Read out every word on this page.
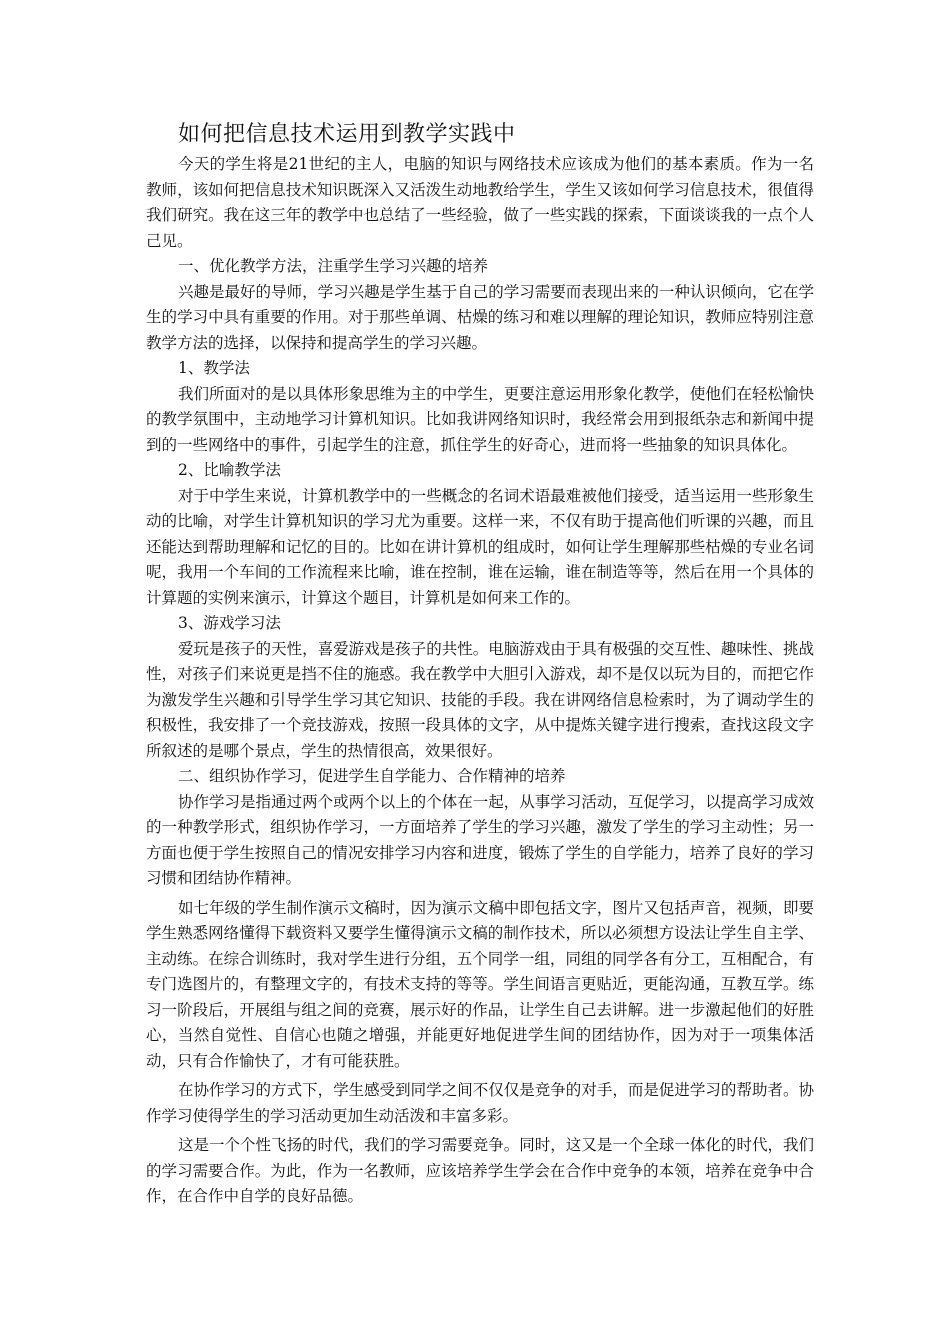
如何把信息技术运用到教学实践中

今天的学生将是21世纪的主人，电脑的知识与网络技术应该成为他们的基本素质。作为一名教师，该如何把信息技术知识既深入又活泼生动地教给学生，学生又该如何学习信息技术，很值得我们研究。我在这三年的教学中也总结了一些经验，做了一些实践的探索，下面谈谈我的一点个人己见。

一、优化教学方法，注重学生学习兴趣的培养

兴趣是最好的导师，学习兴趣是学生基于自己的学习需要而表现出来的一种认识倾向，它在学生的学习中具有重要的作用。对于那些单调、枯燥的练习和难以理解的理论知识，教师应特别注意教学方法的选择，以保持和提高学生的学习兴趣。

1、教学法

我们所面对的是以具体形象思维为主的中学生，更要注意运用形象化教学，使他们在轻松愉快的教学氛围中，主动地学习计算机知识。比如我讲网络知识时，我经常会用到报纸杂志和新闻中提到的一些网络中的事件，引起学生的注意，抓住学生的好奇心，进而将一些抽象的知识具体化。

2、比喻教学法

对于中学生来说，计算机教学中的一些概念的名词术语最难被他们接受，适当运用一些形象生动的比喻，对学生计算机知识的学习尤为重要。这样一来，不仅有助于提高他们听课的兴趣，而且还能达到帮助理解和记忆的目的。比如在讲计算机的组成时，如何让学生理解那些枯燥的专业名词呢，我用一个车间的工作流程来比喻，谁在控制，谁在运输，谁在制造等等，然后在用一个具体的计算题的实例来演示，计算这个题目，计算机是如何来工作的。

3、游戏学习法

爱玩是孩子的天性，喜爱游戏是孩子的共性。电脑游戏由于具有极强的交互性、趣味性、挑战性，对孩子们来说更是挡不住的施惑。我在教学中大胆引入游戏，却不是仅以玩为目的，而把它作为激发学生兴趣和引导学生学习其它知识、技能的手段。我在讲网络信息检索时，为了调动学生的积极性，我安排了一个竞技游戏，按照一段具体的文字，从中提炼关键字进行搜索，查找这段文字所叙述的是哪个景点，学生的热情很高，效果很好。

二、组织协作学习，促进学生自学能力、合作精神的培养

协作学习是指通过两个或两个以上的个体在一起，从事学习活动，互促学习，以提高学习成效的一种教学形式，组织协作学习，一方面培养了学生的学习兴趣，激发了学生的学习主动性；另一方面也便于学生按照自己的情况安排学习内容和进度，锻炼了学生的自学能力，培养了良好的学习习惯和团结协作精神。

如七年级的学生制作演示文稿时，因为演示文稿中即包括文字，图片又包括声音，视频，即要学生熟悉网络懂得下载资料又要学生懂得演示文稿的制作技术，所以必须想方设法让学生自主学、主动练。在综合训练时，我对学生进行分组，五个同学一组，同组的同学各有分工，互相配合，有专门选图片的，有整理文字的，有技术支持的等等。学生间语言更贴近，更能沟通，互教互学。练习一阶段后，开展组与组之间的竞赛，展示好的作品，让学生自己去讲解。进一步激起他们的好胜心，当然自觉性、自信心也随之增强，并能更好地促进学生间的团结协作，因为对于一项集体活动，只有合作愉快了，才有可能获胜。

在协作学习的方式下，学生感受到同学之间不仅仅是竞争的对手，而是促进学习的帮助者。协作学习使得学生的学习活动更加生动活泼和丰富多彩。

这是一个个性飞扬的时代，我们的学习需要竞争。同时，这又是一个全球一体化的时代，我们的学习需要合作。为此，作为一名教师，应该培养学生学会在合作中竞争的本领，培养在竞争中合作，在合作中自学的良好品德。
